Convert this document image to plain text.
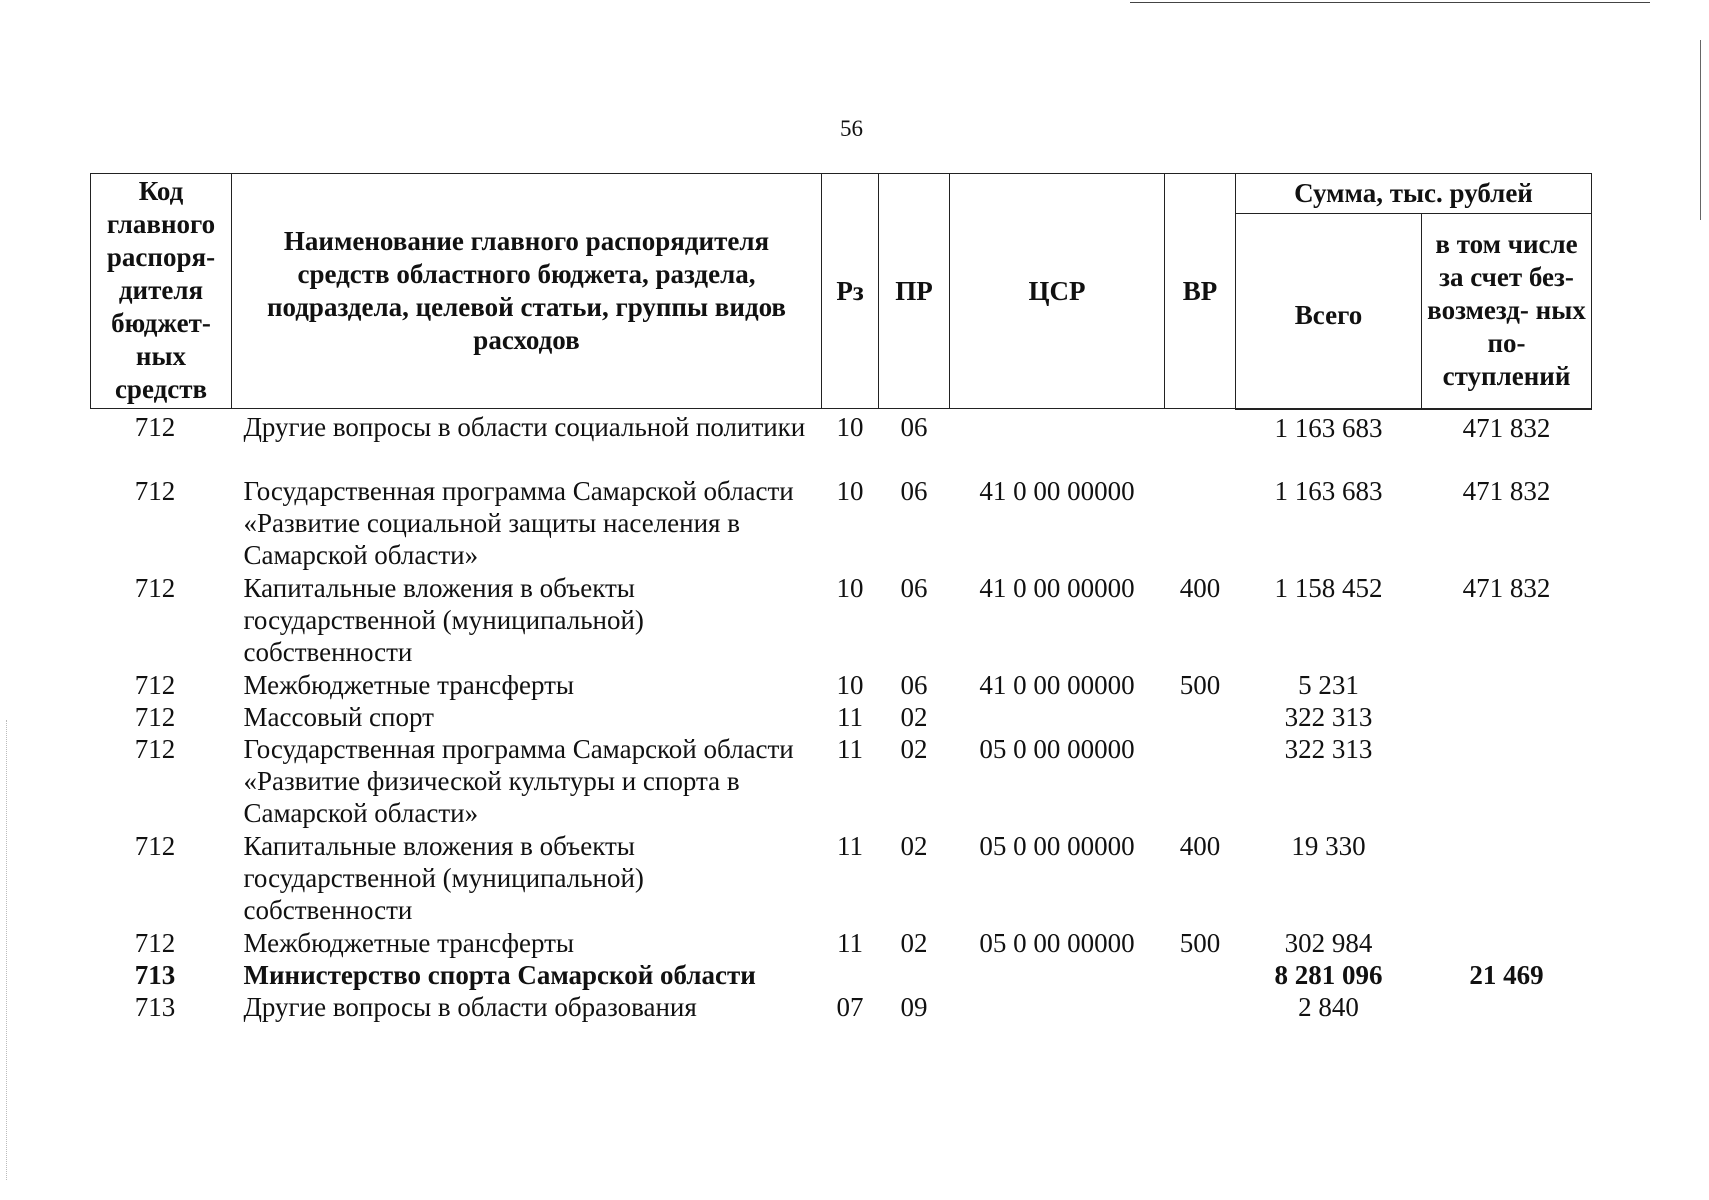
56
Код главного распоря- дителя бюджет- ных средств	Наименование главного распорядителя средств областного бюджета, раздела, подраздела, целевой статьи, группы видов расходов	Рз	ПР	ЦСР	ВР	Сумма, тыс. рублей	
						Всего	в том числе за счет без- возмезд- ных по- ступлений
712	Другие вопросы в области социальной политики	10	06			1 163 683	471 832
712	Государственная программа Самарской области «Развитие социальной защиты населения в Самарской области»	10	06	41 0 00 00000		1 163 683	471 832
712	Капитальные вложения в объекты государственной (муниципальной) собственности	10	06	41 0 00 00000	400	1 158 452	471 832
712	Межбюджетные трансферты	10	06	41 0 00 00000	500	5 231	
712	Массовый спорт	11	02			322 313	
712	Государственная программа Самарской области «Развитие физической культуры и спорта в Самарской области»	11	02	05 0 00 00000		322 313	
712	Капитальные вложения в объекты государственной (муниципальной) собственности	11	02	05 0 00 00000	400	19 330	
712	Межбюджетные трансферты	11	02	05 0 00 00000	500	302 984	
713	Министерство спорта Самарской области					8 281 096	21 469
713	Другие вопросы в области образования	07	09			2 840	
